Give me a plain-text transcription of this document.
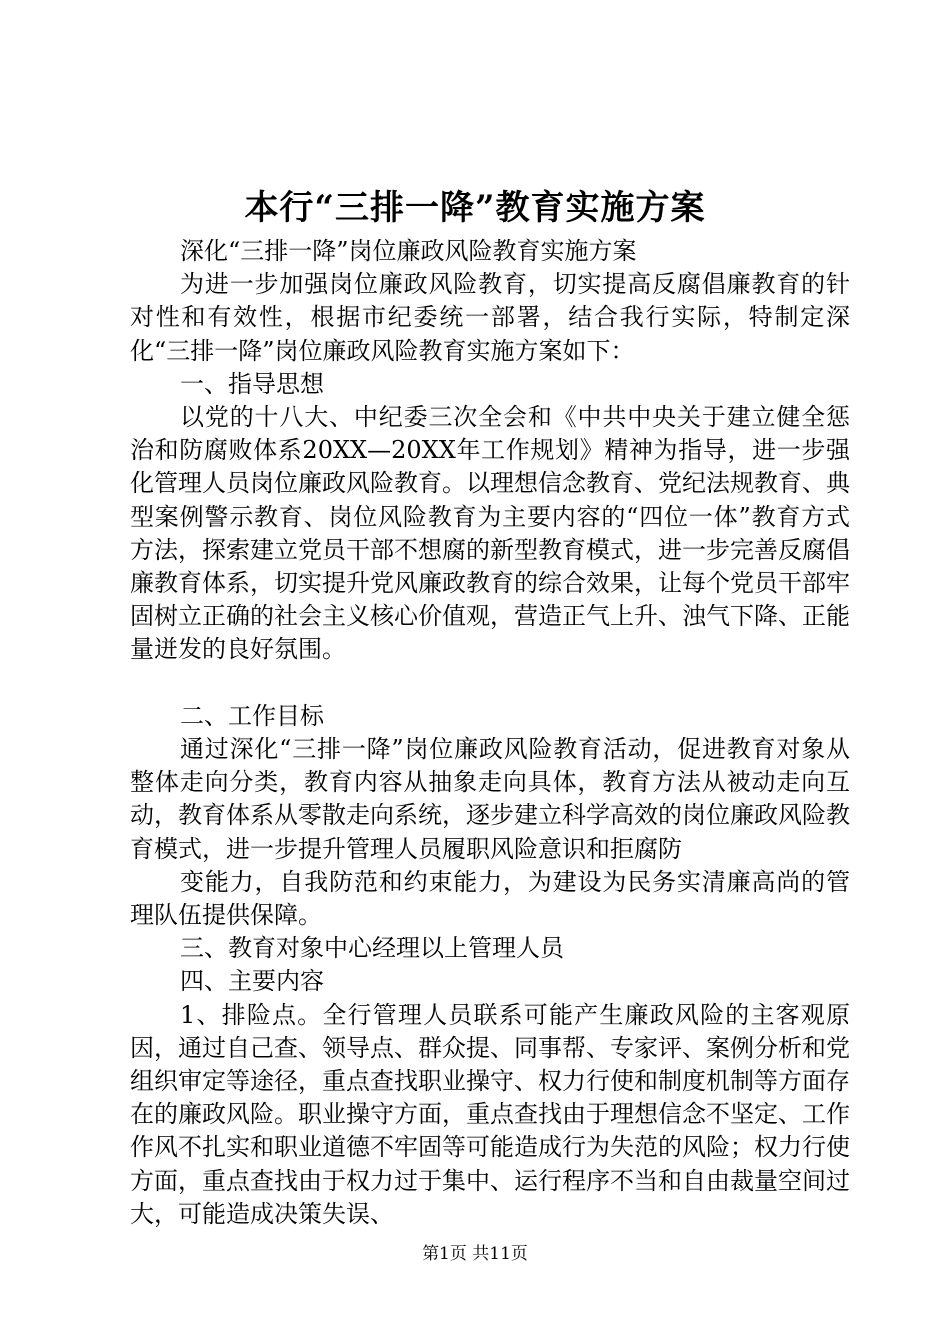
本行“三排一降”教育实施方案

深化“三排一降”岗位廉政风险教育实施方案

为进一步加强岗位廉政风险教育，切实提高反腐倡廉教育的针对性和有效性，根据市纪委统一部署，结合我行实际，特制定深化“三排一降”岗位廉政风险教育实施方案如下：

一、指导思想

以党的十八大、中纪委三次全会和《中共中央关于建立健全惩治和防腐败体系20XX—20XX年工作规划》精神为指导，进一步强化管理人员岗位廉政风险教育。以理想信念教育、党纪法规教育、典型案例警示教育、岗位风险教育为主要内容的“四位一体”教育方式方法，探索建立党员干部不想腐的新型教育模式，进一步完善反腐倡廉教育体系，切实提升党风廉政教育的综合效果，让每个党员干部牢固树立正确的社会主义核心价值观，营造正气上升、浊气下降、正能量迸发的良好氛围。

二、工作目标

通过深化“三排一降”岗位廉政风险教育活动，促进教育对象从整体走向分类，教育内容从抽象走向具体，教育方法从被动走向互动，教育体系从零散走向系统，逐步建立科学高效的岗位廉政风险教育模式，进一步提升管理人员履职风险意识和拒腐防

变能力，自我防范和约束能力，为建设为民务实清廉高尚的管理队伍提供保障。

三、教育对象中心经理以上管理人员

四、主要内容

1、排险点。全行管理人员联系可能产生廉政风险的主客观原因，通过自己查、领导点、群众提、同事帮、专家评、案例分析和党组织审定等途径，重点查找职业操守、权力行使和制度机制等方面存在的廉政风险。职业操守方面，重点查找由于理想信念不坚定、工作作风不扎实和职业道德不牢固等可能造成行为失范的风险；权力行使方面，重点查找由于权力过于集中、运行程序不当和自由裁量空间过大，可能造成决策失误、

第1页 共11页
